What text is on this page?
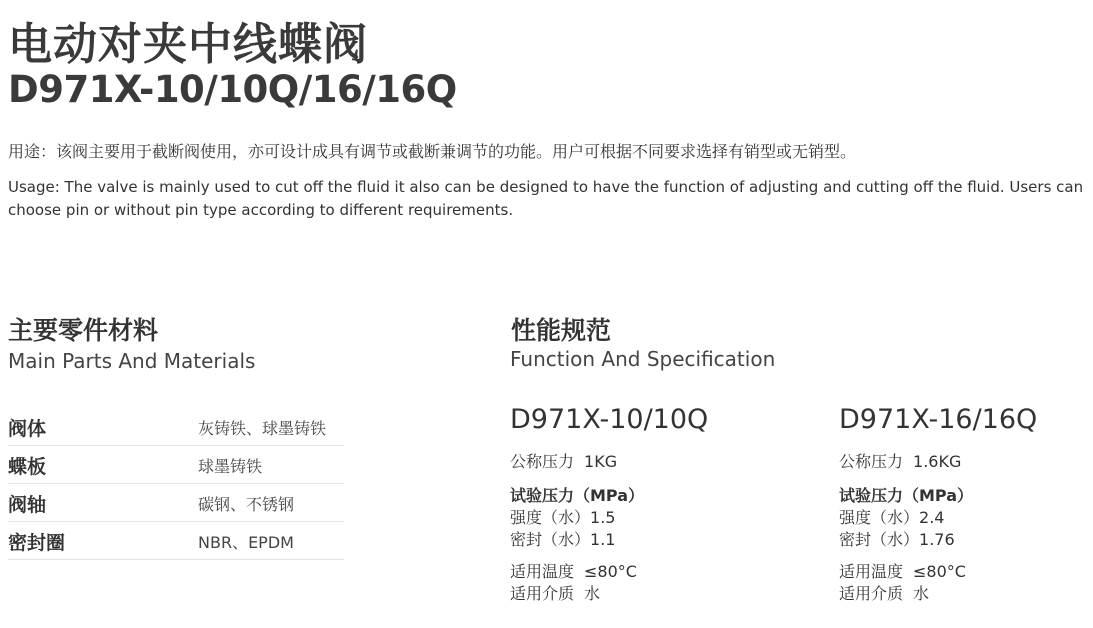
电动对夹中线蝶阀
D971X-10/10Q/16/16Q
用途：该阀主要用于截断阀使用，亦可设计成具有调节或截断兼调节的功能。用户可根据不同要求选择有销型或无销型。
Usage: The valve is mainly used to cut off the fluid it also can be designed to have the function of adjusting and cutting off the fluid. Users can choose pin or without pin type according to different requirements.
主要零件材料
Main Parts And Materials
阀体	灰铸铁、球墨铸铁
蝶板	球墨铸铁
阀轴	碳钢、不锈钢
密封圈	NBR、EPDM
性能规范
Function And Specification
D971X-10/10Q
公称压力 1KG
试验压力（MPa）
强度（水）1.5
密封（水）1.1
适用温度 ≤80°C
适用介质 水
D971X-16/16Q
公称压力 1.6KG
试验压力（MPa）
强度（水）2.4
密封（水）1.76
适用温度 ≤80°C
适用介质 水
